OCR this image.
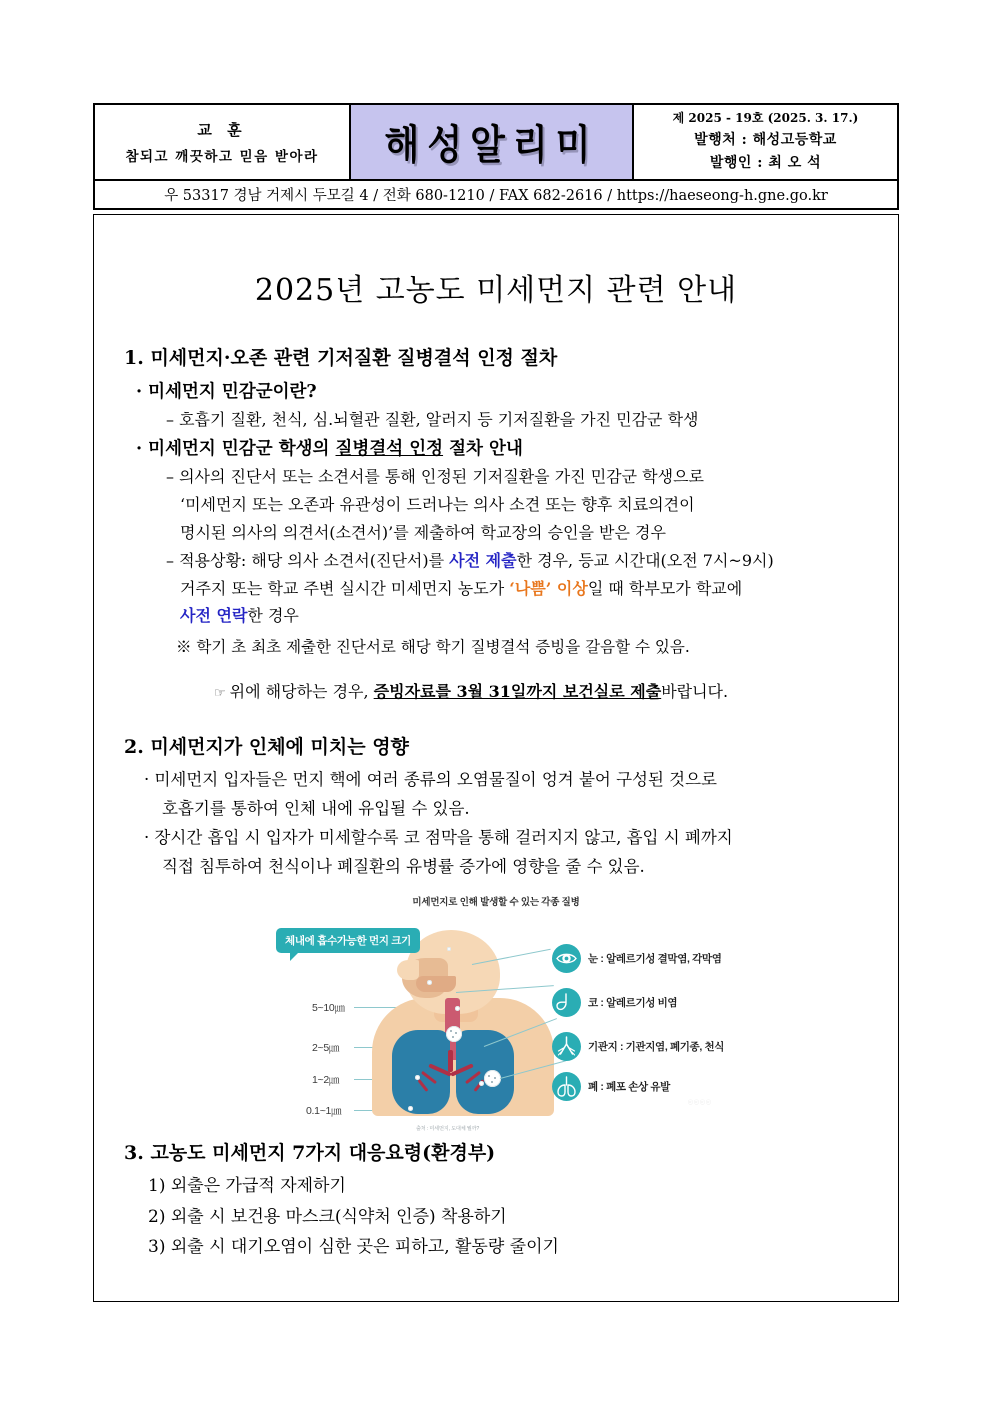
교 훈
참되고 깨끗하고 믿음 받아라 해성알리미
제 2025 - 19호 (2025. 3. 17.)
발행처 : 해성고등학교
발행인 : 최 오 석
우 53317 경남 거제시 두모길 4 / 전화 680-1210 / FAX 682-2616 / https://haeseong-h.gne.go.kr
2025년 고농도 미세먼지 관련 안내
1. 미세먼지·오존 관련 기저질환 질병결석 인정 절차
· 미세먼지 민감군이란?
– 호흡기 질환, 천식, 심.뇌혈관 질환, 알러지 등 기저질환을 가진 민감군 학생
· 미세먼지 민감군 학생의 질병결석 인정 절차 안내
– 의사의 진단서 또는 소견서를 통해 인정된 기저질환을 가진 민감군 학생으로
‘미세먼지 또는 오존과 유관성이 드러나는 의사 소견 또는 향후 치료의견이
명시된 의사의 의견서(소견서)’를 제출하여 학교장의 승인을 받은 경우
– 적용상황: 해당 의사 소견서(진단서)를 사전 제출한 경우, 등교 시간대(오전 7시~9시)
거주지 또는 학교 주변 실시간 미세먼지 농도가 ‘나쁨’ 이상일 때 학부모가 학교에
사전 연락한 경우
※ 학기 초 최초 제출한 진단서로 해당 학기 질병결석 증빙을 갈음할 수 있음.
☞ 위에 해당하는 경우, 증빙자료를 3월 31일까지 보건실로 제출바랍니다.
2. 미세먼지가 인체에 미치는 영향
· 미세먼지 입자들은 먼지 핵에 여러 종류의 오염물질이 엉겨 붙어 구성된 것으로
호흡기를 통하여 인체 내에 유입될 수 있음.
· 장시간 흡입 시 입자가 미세할수록 코 점막을 통해 걸러지지 않고, 흡입 시 폐까지
직접 침투하여 천식이나 폐질환의 유병률 증가에 영향을 줄 수 있음.
미세먼지로 인해 발생할 수 있는 각종 질병
체내에 흡수가능한 먼지 크기
5~10㎛
2~5㎛
1~2㎛
0.1~1㎛
눈 : 알레르기성 결막염, 각막염
코 : 알레르기성 비염
기관지 : 기관지염, 폐기종, 천식
폐 : 폐포 손상 유발
출처 : 미세먼지, 도대체 뭘까?
ⓒⓒⓒⓒ
3. 고농도 미세먼지 7가지 대응요령(환경부)
1) 외출은 가급적 자제하기
2) 외출 시 보건용 마스크(식약처 인증) 착용하기
3) 외출 시 대기오염이 심한 곳은 피하고, 활동량 줄이기
